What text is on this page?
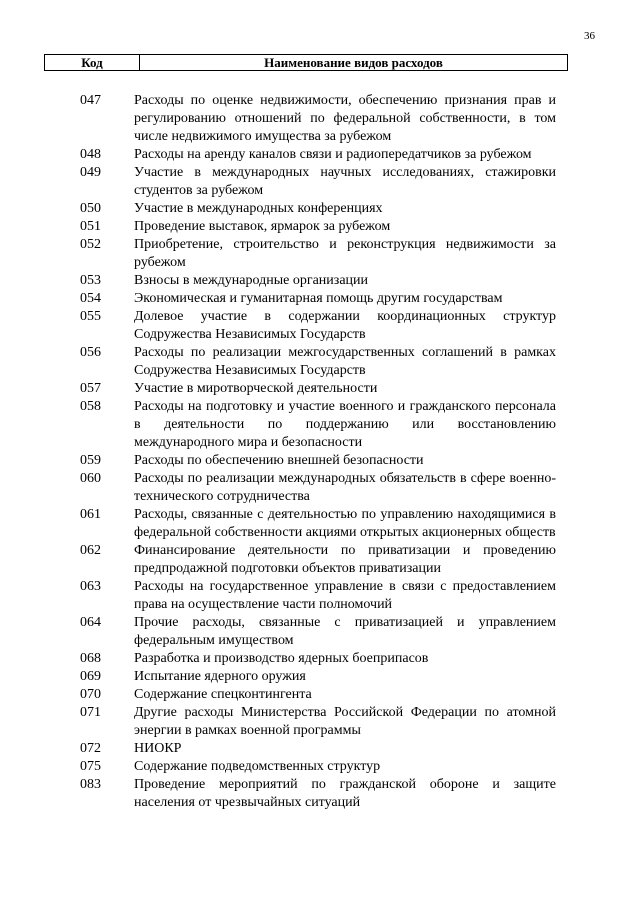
36
Код	Наименование видов расходов
047	Расходы по оценке недвижимости, обеспечению признания прав и регулированию отношений по федеральной собственности, в том числе недвижимого имущества за рубежом
048	Расходы на аренду каналов связи и радиопередатчиков за рубежом
049	Участие в международных научных исследованиях, стажировки студентов за рубежом
050	Участие в международных конференциях
051	Проведение выставок, ярмарок за рубежом
052	Приобретение, строительство и реконструкция недвижимости за рубежом
053	Взносы в международные организации
054	Экономическая и гуманитарная помощь другим государствам
055	Долевое участие в содержании координационных структур Содружества Независимых Государств
056	Расходы по реализации межгосударственных соглашений в рамках Содружества Независимых Государств
057	Участие в миротворческой деятельности
058	Расходы на подготовку и участие военного и гражданского персонала в деятельности по поддержанию или восстановлению международного мира и безопасности
059	Расходы по обеспечению внешней безопасности
060	Расходы по реализации международных обязательств в сфере военно-технического сотрудничества
061	Расходы, связанные с деятельностью по управлению находящимися в федеральной собственности акциями открытых акционерных обществ
062	Финансирование деятельности по приватизации и проведению предпродажной подготовки объектов приватизации
063	Расходы на государственное управление в связи с предоставлением права на осуществление части полномочий
064	Прочие расходы, связанные с приватизацией и управлением федеральным имуществом
068	Разработка и производство ядерных боеприпасов
069	Испытание ядерного оружия
070	Содержание спецконтингента
071	Другие расходы Министерства Российской Федерации по атомной энергии в рамках военной программы
072	НИОКР
075	Содержание подведомственных структур
083	Проведение мероприятий по гражданской обороне и защите населения от чрезвычайных ситуаций
